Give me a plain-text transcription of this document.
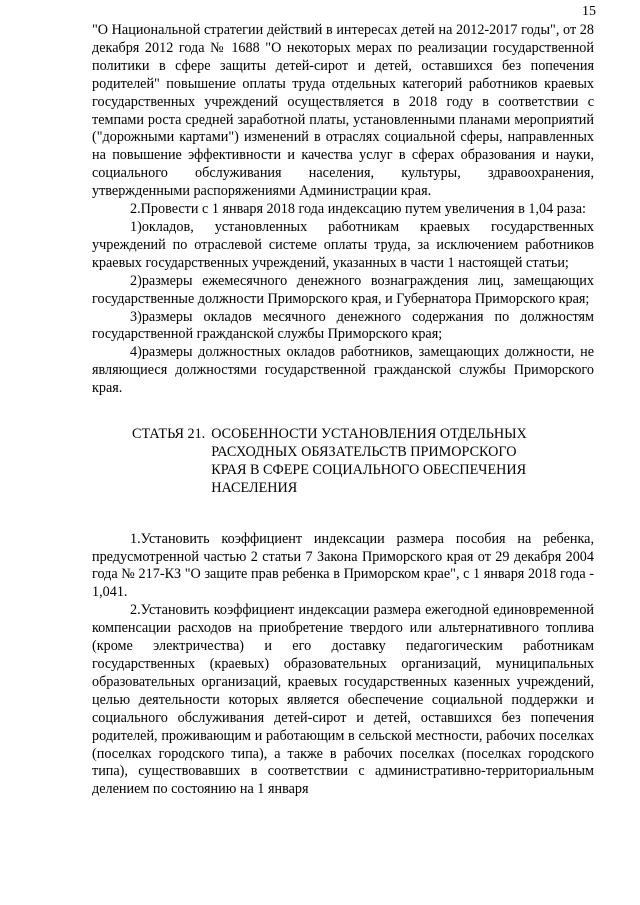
15

"О Национальной стратегии действий в интересах детей на 2012-2017 годы", от 28 декабря 2012 года № 1688 "О некоторых мерах по реализации государственной политики в сфере защиты детей-сирот и детей, оставшихся без попечения родителей" повышение оплаты труда отдельных категорий работников краевых государственных учреждений осуществляется в 2018 году в соответствии с темпами роста средней заработной платы, установленными планами мероприятий ("дорожными картами") изменений в отраслях социальной сферы, направленных на повышение эффективности и качества услуг в сферах образования и науки, социального обслуживания населения, культуры, здравоохранения, утвержденными распоряжениями Администрации края.

2.Провести с 1 января 2018 года индексацию путем увеличения в 1,04 раза:

1)окладов, установленных работникам краевых государственных учреждений по отраслевой системе оплаты труда, за исключением работников краевых государственных учреждений, указанных в части 1 настоящей статьи;

2)размеры ежемесячного денежного вознаграждения лиц, замещающих государственные должности Приморского края, и Губернатора Приморского края;

3)размеры окладов месячного денежного содержания по должностям государственной гражданской службы Приморского края;

4)размеры должностных окладов работников, замещающих должности, не являющиеся должностями государственной гражданской службы Приморского края.

СТАТЬЯ 21. ОСОБЕННОСТИ УСТАНОВЛЕНИЯ ОТДЕЛЬНЫХ РАСХОДНЫХ ОБЯЗАТЕЛЬСТВ ПРИМОРСКОГО КРАЯ В СФЕРЕ СОЦИАЛЬНОГО ОБЕСПЕЧЕНИЯ НАСЕЛЕНИЯ

1.Установить коэффициент индексации размера пособия на ребенка, предусмотренной частью 2 статьи 7 Закона Приморского края от 29 декабря 2004 года № 217-КЗ "О защите прав ребенка в Приморском крае", с 1 января 2018 года - 1,041.

2.Установить коэффициент индексации размера ежегодной единовременной компенсации расходов на приобретение твердого или альтернативного топлива (кроме электричества) и его доставку педагогическим работникам государственных (краевых) образовательных организаций, муниципальных образовательных организаций, краевых государственных казенных учреждений, целью деятельности которых является обеспечение социальной поддержки и социального обслуживания детей-сирот и детей, оставшихся без попечения родителей, проживающим и работающим в сельской местности, рабочих поселках (поселках городского типа), а также в рабочих поселках (поселках городского типа), существовавших в соответствии с административно-территориальным делением по состоянию на 1 января
